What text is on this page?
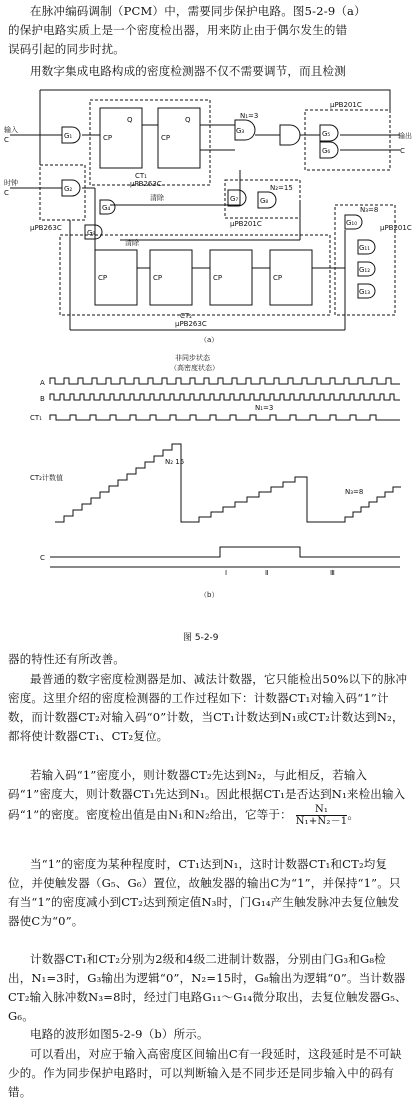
在脉冲编码调制（PCM）中，需要同步保护电路。图5-2-9（a）

的保护电路实质上是一个密度检出器，用来防止由于偶尔发生的错

误码引起的同步时扰。

用数字集成电路构成的密度检测器不仅不需要调节，而且检测

输入
C
时钟
C
G₁
G₂
μPB263C
CT₁
μPB263C
CP
Q
CP
Q
清除
G₃
N₁=3
G₅
G₆
μPB201C
输出
C
G₄
G₇	G₈
N₂=15
μPB201C
G₉
清除
CP	CP	CP	CP
CT₂
μPB263C
G₁₀
N₃=8
G₁₁
G₁₂
G₁₃
μPB201C
（a）
非同步状态
（高密度状态）
A
B
CT₁
CT₂计数值
C
N₁=3
N₂ 15
N₃=8
Ⅰ	Ⅱ	Ⅲ
（b）
图 5-2-9

器的特性还有所改善。

最普通的数字密度检测器是加、减法计数器，它只能检出50%以下的脉冲密度。这里介绍的密度检测器的工作过程如下：计数器CT₁对输入码“1”计数，而计数器CT₂对输入码“0”计数，当CT₁计数达到N₁或CT₂计数达到N₂，都将使计数器CT₁、CT₂复位。

若输入码“1”密度小，则计数器CT₂先达到N₂，与此相反，若输入码“1”密度大，则计数器CT₁先达到N₁。因此根据CT₁是否达到N₁来检出输入码“1”的密度。密度检出值是由N₁和N₂给出，它等于： $\frac{\text{N₁}}{\text{N₁+N₂－1}}$ 。

当“1”的密度为某种程度时，CT₁达到N₁，这时计数器CT₁和CT₂均复位，并使触发器（G₅、G₆）置位，故触发器的输出C为“1”，并保持“1”。只有当“1”的密度减小到CT₂达到预定值N₃时，门G₁₄产生触发脉冲去复位触发器使C为“0”。

计数器CT₁和CT₂分别为2级和4级二进制计数器，分别由门G₃和G₈检出，N₁=3时，G₃输出为逻辑“0”，N₂=15时，G₈输出为逻辑“0”。当计数器CT₂输入脉冲数N₃=8时，经过门电路G₁₁～G₁₄微分取出，去复位触发器G₅、G₆。

电路的波形如图5-2-9（b）所示。

可以看出，对应于输入高密度区间输出C有一段延时，这段延时是不可缺少的。作为同步保护电路时，可以判断输入是不同步还是同步输入中的码有错。
